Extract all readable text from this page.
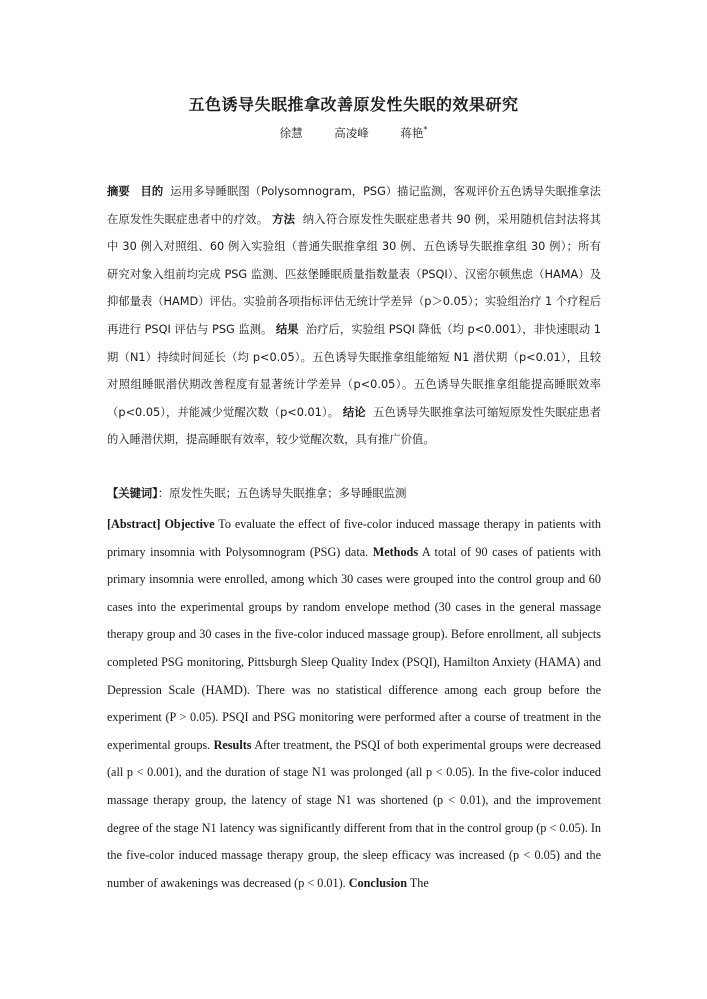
五色诱导失眠推拿改善原发性失眠的效果研究
徐慧	高凌峰	蒋艳*

摘要 目的 运用多导睡眠图（Polysomnogram，PSG）描记监测，客观评价五色诱导失眠推拿法在原发性失眠症患者中的疗效。 方法 纳入符合原发性失眠症患者共 90 例，采用随机信封法将其中 30 例入对照组、60 例入实验组（普通失眠推拿组 30 例、五色诱导失眠推拿组 30 例）；所有研究对象入组前均完成 PSG 监测、匹兹堡睡眠质量指数量表（PSQI）、汉密尔顿焦虑（HAMA）及抑郁量表（HAMD）评估。实验前各项指标评估无统计学差异（p＞0.05）；实验组治疗 1 个疗程后再进行 PSQI 评估与 PSG 监测。 结果 治疗后，实验组 PSQI 降低（均 p<0.001），非快速眼动 1 期（N1）持续时间延长（均 p<0.05）。五色诱导失眠推拿组能缩短 N1 潜伏期（p<0.01），且较对照组睡眠潜伏期改善程度有显著统计学差异（p<0.05）。五色诱导失眠推拿组能提高睡眠效率（p<0.05），并能减少觉醒次数（p<0.01）。 结论 五色诱导失眠推拿法可缩短原发性失眠症患者的入睡潜伏期，提高睡眠有效率，较少觉醒次数，具有推广价值。

【关键词】：原发性失眠；五色诱导失眠推拿；多导睡眠监测

[Abstract] Objective To evaluate the effect of five-color induced massage therapy in patients with primary insomnia with Polysomnogram (PSG) data. Methods A total of 90 cases of patients with primary insomnia were enrolled, among which 30 cases were grouped into the control group and 60 cases into the experimental groups by random envelope method (30 cases in the general massage therapy group and 30 cases in the five-color induced massage group). Before enrollment, all subjects completed PSG monitoring, Pittsburgh Sleep Quality Index (PSQI), Hamilton Anxiety (HAMA) and Depression Scale (HAMD). There was no statistical difference among each group before the experiment (P > 0.05). PSQI and PSG monitoring were performed after a course of treatment in the experimental groups. Results After treatment, the PSQI of both experimental groups were decreased (all p < 0.001), and the duration of stage N1 was prolonged (all p < 0.05). In the five-color induced massage therapy group, the latency of stage N1 was shortened (p < 0.01), and the improvement degree of the stage N1 latency was significantly different from that in the control group (p < 0.05). In the five-color induced massage therapy group, the sleep efficacy was increased (p < 0.05) and the number of awakenings was decreased (p < 0.01). Conclusion The
